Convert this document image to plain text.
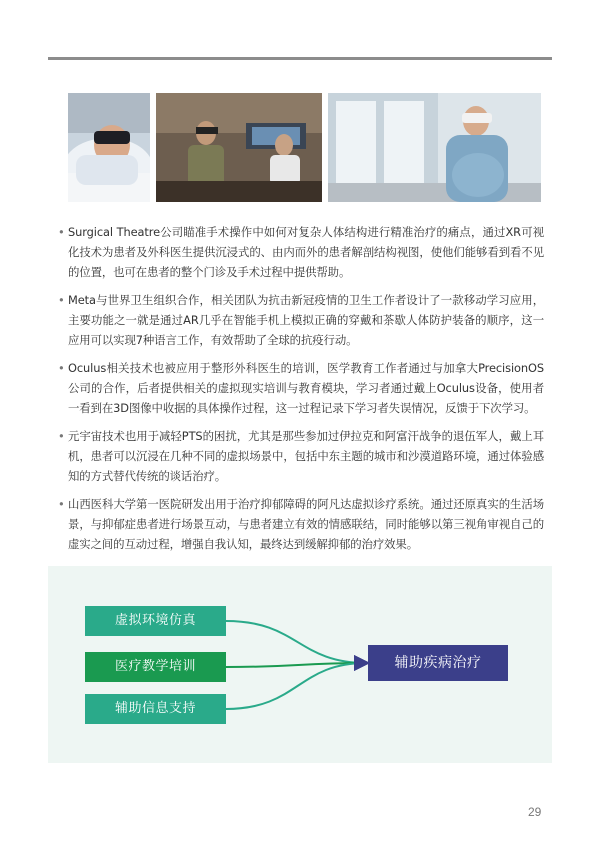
• Surgical Theatre公司瞄准手术操作中如何对复杂人体结构进行精准治疗的痛点，通过XR可视化技术为患者及外科医生提供沉浸式的、由内而外的患者解剖结构视图，使他们能够看到看不见的位置，也可在患者的整个门诊及手术过程中提供帮助。
• Meta与世界卫生组织合作，相关团队为抗击新冠疫情的卫生工作者设计了一款移动学习应用，主要功能之一就是通过AR几乎在智能手机上模拟正确的穿戴和茶歇人体防护装备的顺序，这一应用可以实现7种语言工作，有效帮助了全球的抗疫行动。
• Oculus相关技术也被应用于整形外科医生的培训，医学教育工作者通过与加拿大PrecisionOS公司的合作，后者提供相关的虚拟现实培训与教育模块，学习者通过戴上Oculus设备，使用者一看到在3D图像中收据的具体操作过程，这一过程记录下学习者失误情况，反馈于下次学习。
• 元宇宙技术也用于减轻PTS的困扰，尤其是那些参加过伊拉克和阿富汗战争的退伍军人，戴上耳机，患者可以沉浸在几种不同的虚拟场景中，包括中东主题的城市和沙漠道路环境，通过体验感知的方式替代传统的谈话治疗。
• 山西医科大学第一医院研发出用于治疗抑郁障碍的阿凡达虚拟诊疗系统。通过还原真实的生活场景，与抑郁症患者进行场景互动，与患者建立有效的情感联结，同时能够以第三视角审视自己的虚实之间的互动过程，增强自我认知，最终达到缓解抑郁的治疗效果。
虚拟环境仿真
医疗教学培训
辅助信息支持
辅助疾病治疗
29
